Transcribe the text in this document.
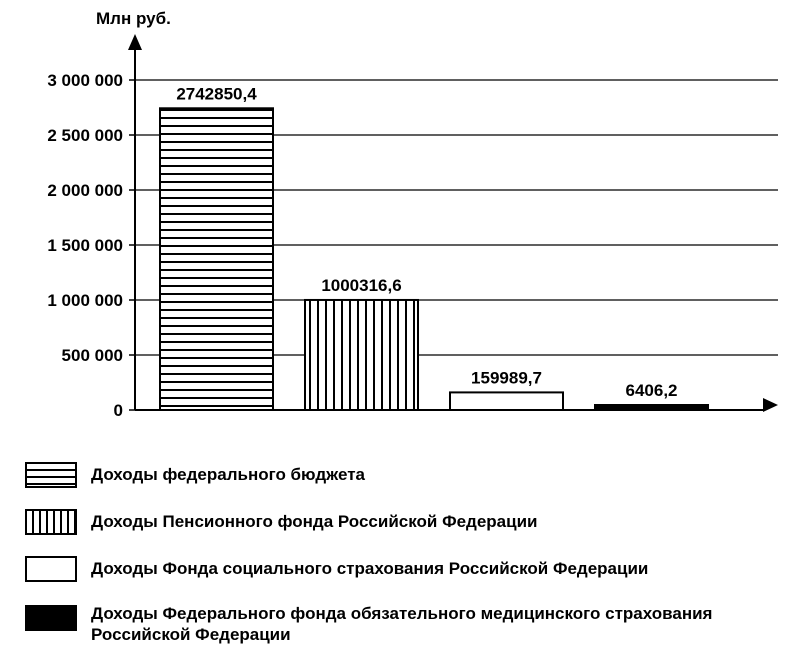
Млн руб.
0
500 000
1 000 000
1 500 000
2 000 000
2 500 000
3 000 000
2742850,4
1000316,6
159989,7
6406,2
Доходы федерального бюджета
Доходы Пенсионного фонда Российской Федерации
Доходы Фонда социального страхования Российской Федерации
Доходы Федерального фонда обязательного медицинского страхования Российской Федерации
